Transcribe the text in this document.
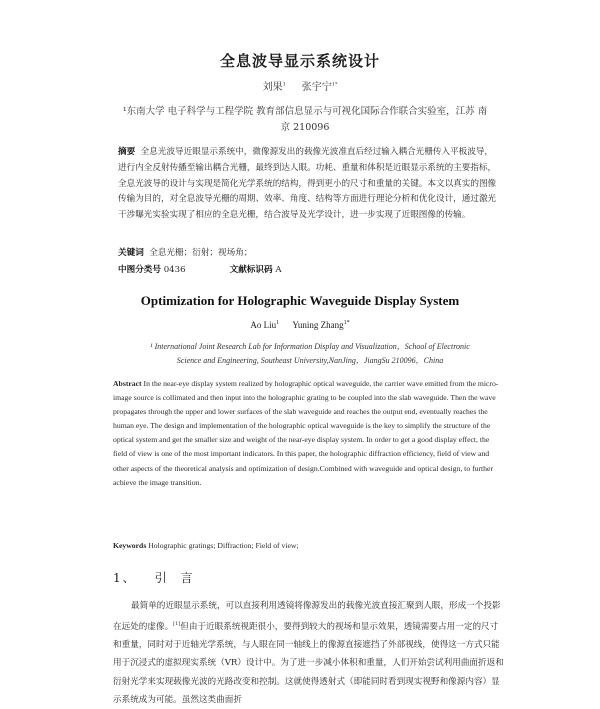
全息波导显示系统设计
刘果$^1$ 张宇宁$^{1*}$
¹东南大学 电子科学与工程学院 教育部信息显示与可视化国际合作联合实验室，江苏 南京 210096
摘要 全息光波导近眼显示系统中，微像源发出的载像光波准直后经过输入耦合光栅传入平板波导，进行内全反射传播至输出耦合光栅，最终到达人眼。功耗、重量和体积是近眼显示系统的主要指标，全息光波导的设计与实现是简化光学系统的结构，得到更小的尺寸和重量的关键。本文以真实的图像传输为目的，对全息波导光栅的周期、效率、角度、结构等方面进行理论分析和优化设计，通过激光干涉曝光实验实现了相应的全息光栅，结合波导及光学设计，进一步实现了近眼图像的传输。
关键词 全息光栅；衍射；视场角；
中图分类号 0436	文献标识码 A
Optimization for Holographic Waveguide Display System
Ao Liu$^1$ Yuning Zhang$^{1*}$
¹ International Joint Research Lab for Information Display and Visualization，School of Electronic Science and Engineering, Southeast University,NanJing，JiangSu 210096，China
Abstract In the near-eye display system realized by holographic optical waveguide, the carrier wave emitted from the micro-image source is collimated and then input into the holographic grating to be coupled into the slab waveguide. Then the wave propagates through the upper and lower surfaces of the slab waveguide and reaches the output end, eventually reaches the human eye. The design and implementation of the holographic optical waveguide is the key to simplify the structure of the optical system and get the smaller size and weight of the near-eye display system. In order to get a good display effect, the field of view is one of the most important indicators. In this paper, the holographic diffraction efficiency, field of view and other aspects of the theoretical analysis and optimization of design.Combined with waveguide and optical design, to further achieve the image transition.
Keywords Holographic gratings; Diffraction; Field of view;
1、 引言
最简单的近眼显示系统，可以直接利用透镜将像源发出的载像光波直接汇聚到人眼，形成一个投影在远处的虚像。[1]但由于近眼系统视距很小，要得到较大的视场和显示效果，透镜需要占用一定的尺寸和重量，同时对于近轴光学系统，与人眼在同一轴线上的像源直接遮挡了外部视线，使得这一方式只能用于沉浸式的虚拟现实系统（VR）设计中。为了进一步减小体积和重量，人们开始尝试利用曲面折返和衍射光学来实现载像光波的光路改变和控制。这就使得透射式（即能同时看到现实视野和像源内容）显示系统成为可能。虽然这类曲面折
